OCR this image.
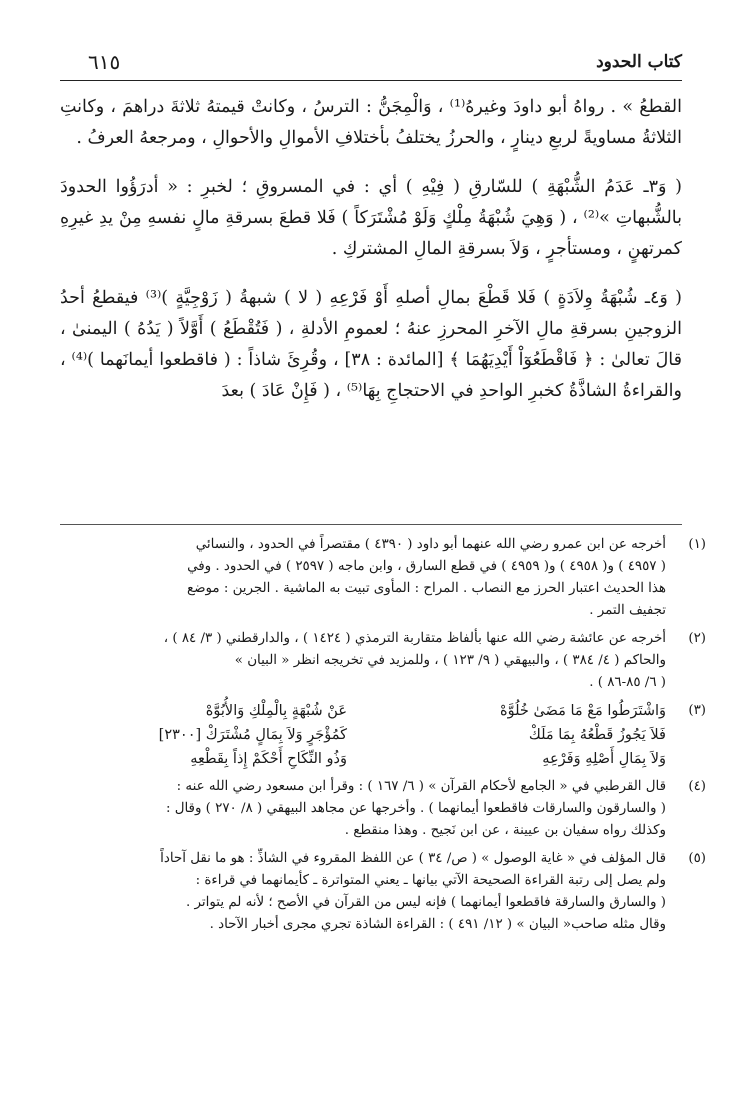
كتاب الحدود
٦١٥

القطعُ » . رواهُ أبو داودَ وغيرهُ⁽¹⁾ ، وَالْمِجَنُّ : الترسُ ، وكانتْ قيمتهُ ثلاثةَ دراهمَ ، وكانتِ الثلاثةُ مساويةً لربعِ دينارٍ ، والحرزُ يختلفُ بأختلافِ الأموالِ والأحوالِ ، ومرجعهُ العرفُ .

( وَ٣ـ عَدَمُ الشُّبْهَةِ ) للسّارقِ ( فِيْهِ ) أي : في المسروقِ ؛ لخبرِ : « أدرَؤُوا الحدودَ بالشُّبهاتِ »⁽²⁾ ، ( وَهِيَ شُبْهَةُ مِلْكٍ وَلَوْ مُشْتَرَكاً ) فَلا قطعَ بسرقةِ مالٍ نفسهِ مِنْ يدِ غيرِهِ كمرتهنٍ ، ومستأجرٍ ، وَلاَ بسرقةِ المالِ المشتركِ .

( وَ٤ـ شُبْهَةُ وِلاَدَةٍ ) فَلا قَطْعَ بمالِ أصلهِ أَوْ فَرْعِهِ ( لا ) شبهةُ ( زَوْجِيَّةٍ )⁽³⁾ فيقطعُ أحدُ الزوجينِ بسرقةِ مالِ الآخرِ المحرزِ عنهُ ؛ لعمومِ الأدلةِ ، ( فَتُقْطَعُ ) أَوَّلاً ( يَدُهُ ) اليمنىٰ ، قالَ تعالىٰ : ﴿ فَاقْطَعُوٓاْ أَيْدِيَهُمَا ﴾ [المائدة : ٣٨] ، وقُرِئَ شاذاً : ( فاقطعوا أيمانَهما )⁽⁴⁾ ، والقراءةُ الشاذَّةُ كخبرِ الواحدِ في الاحتجاجِ بِهَا⁽⁵⁾ ، ( فَإِنْ عَادَ ) بعدَ

(١)
أخرجه عن ابن عمرو رضي الله عنهما أبو داود ( ٤٣٩٠ ) مقتصراً في الحدود ، والنسائي
( ٤٩٥٧ ) و( ٤٩٥٨ ) و( ٤٩٥٩ ) في قطع السارق ، وابن ماجه ( ٢٥٩٧ ) في الحدود . وفي
هذا الحديث اعتبار الحرز مع النصاب . المراح : المأوى تبيت به الماشية . الجرين : موضع
تجفيف التمر .
(٢)
أخرجه عن عائشة رضي الله عنها بألفاظ متقاربة الترمذي ( ١٤٢٤ ) ، والدارقطني ( ٣/ ٨٤ ) ،
والحاكم ( ٤/ ٣٨٤ ) ، والبيهقي ( ٩/ ١٢٣ ) ، وللمزيد في تخريجه انظر « البيان »
( ٦/ ٨٥-٨٦ ) .
(٣)
وَاشْتَرَطُوا مَعْ مَا مَضَىٰ خُلُوَّهْ
عَنْ شُبْهَةٍ بِالْمِلْكِ وَالأُبُوَّهْ
فَلاَ يَجُوزُ قَطْعُهُ بِمَا مَلَكْ
كَمُؤْجَرٍ وَلاَ بِمَالٍ مُشْتَرَكْ [٢٣٠٠]
وَلاَ بِمَالِ أَصْلِهِ وَفَرْعِهِ
وَذُو النِّكَاحِ أَحْكَمْ إِذاً بِقَطْعِهِ
(٤)
قال القرطبي في « الجامع لأحكام القرآن » ( ٦/ ١٦٧ ) : وقرأ ابن مسعود رضي الله عنه :
( والسارقون والسارقات فاقطعوا أيمانهما ) . وأخرجها عن مجاهد البيهقي ( ٨/ ٢٧٠ ) وقال :
وكذلك رواه سفيان بن عيينة ، عن ابن نَجيح . وهذا منقطع .
(٥)
قال المؤلف في « غاية الوصول » ( ص/ ٣٤ ) عن اللفظ المقروء في الشاذِّ : هو ما نقل آحاداً
ولم يصل إلى رتبة القراءة الصحيحة الآتي بيانها ـ يعني المتواترة ـ كأيمانهما في قراءة :
( والسارق والسارقة فاقطعوا أيمانهما ) فإنه ليس من القرآن في الأصح ؛ لأنه لم يتواتر .
وقال مثله صاحب« البيان » ( ١٢/ ٤٩١ ) : القراءة الشاذة تجري مجرى أخبار الآحاد .
